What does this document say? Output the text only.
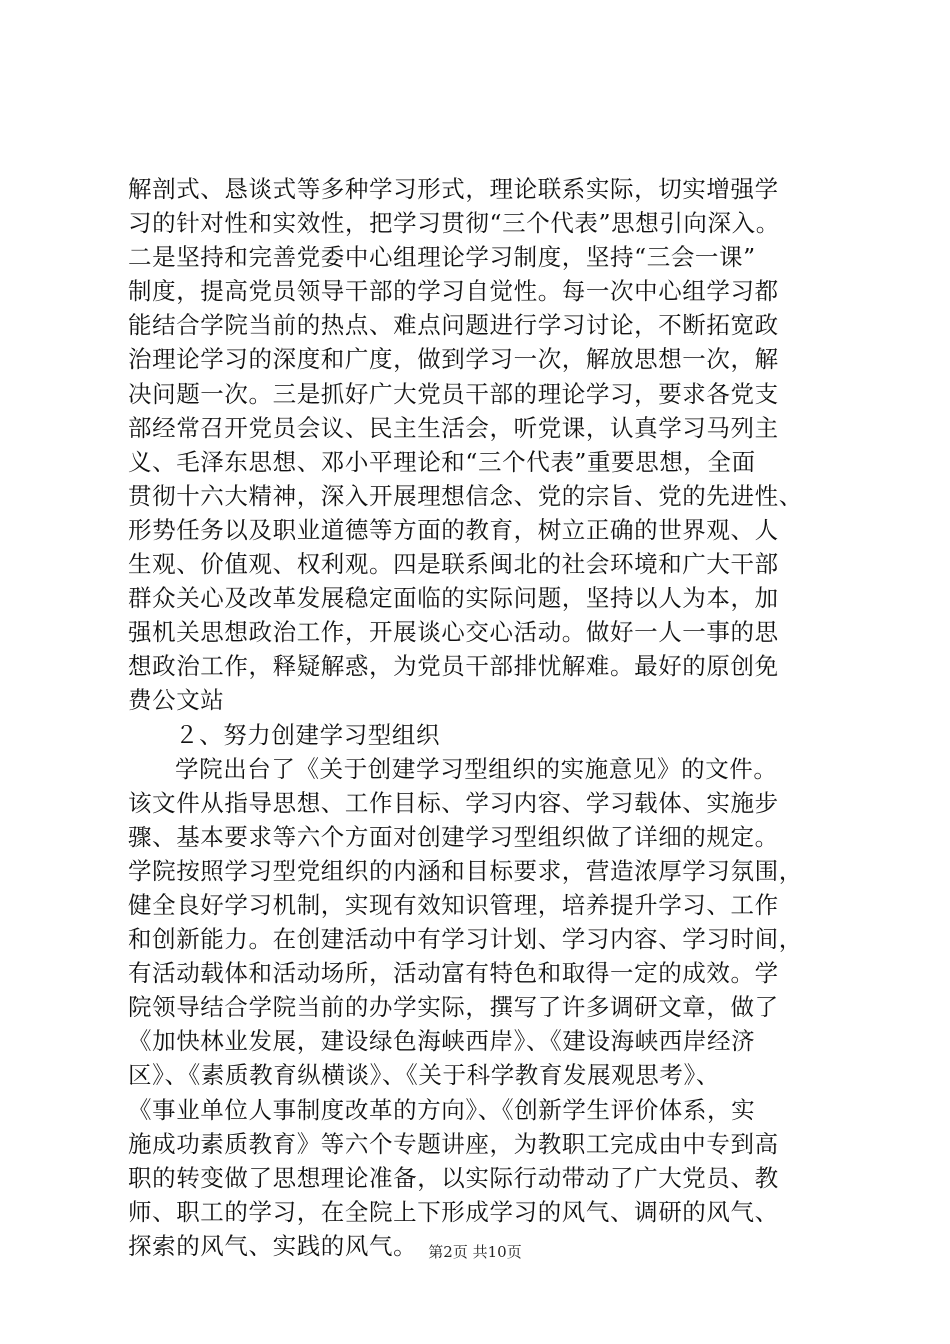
解剖式、恳谈式等多种学习形式，理论联系实际，切实增强学
习的针对性和实效性，把学习贯彻“三个代表”思想引向深入。
二是坚持和完善党委中心组理论学习制度，坚持“三会一课”
制度，提高党员领导干部的学习自觉性。每一次中心组学习都
能结合学院当前的热点、难点问题进行学习讨论，不断拓宽政
治理论学习的深度和广度，做到学习一次，解放思想一次，解
决问题一次。三是抓好广大党员干部的理论学习，要求各党支
部经常召开党员会议、民主生活会，听党课，认真学习马列主
义、毛泽东思想、邓小平理论和“三个代表”重要思想，全面
贯彻十六大精神，深入开展理想信念、党的宗旨、党的先进性、
形势任务以及职业道德等方面的教育，树立正确的世界观、人
生观、价值观、权利观。四是联系闽北的社会环境和广大干部
群众关心及改革发展稳定面临的实际问题，坚持以人为本，加
强机关思想政治工作，开展谈心交心活动。做好一人一事的思
想政治工作，释疑解惑，为党员干部排忧解难。最好的原创免
费公文站
２、努力创建学习型组织
学院出台了《关于创建学习型组织的实施意见》的文件。
该文件从指导思想、工作目标、学习内容、学习载体、实施步
骤、基本要求等六个方面对创建学习型组织做了详细的规定。
学院按照学习型党组织的内涵和目标要求，营造浓厚学习氛围，
健全良好学习机制，实现有效知识管理，培养提升学习、工作
和创新能力。在创建活动中有学习计划、学习内容、学习时间，
有活动载体和活动场所，活动富有特色和取得一定的成效。学
院领导结合学院当前的办学实际，撰写了许多调研文章，做了
《加快林业发展，建设绿色海峡西岸》、《建设海峡西岸经济
区》、《素质教育纵横谈》、《关于科学教育发展观思考》、
《事业单位人事制度改革的方向》、《创新学生评价体系，实
施成功素质教育》等六个专题讲座，为教职工完成由中专到高
职的转变做了思想理论准备，以实际行动带动了广大党员、教
师、职工的学习，在全院上下形成学习的风气、调研的风气、
探索的风气、实践的风气。 第2页 共10页
